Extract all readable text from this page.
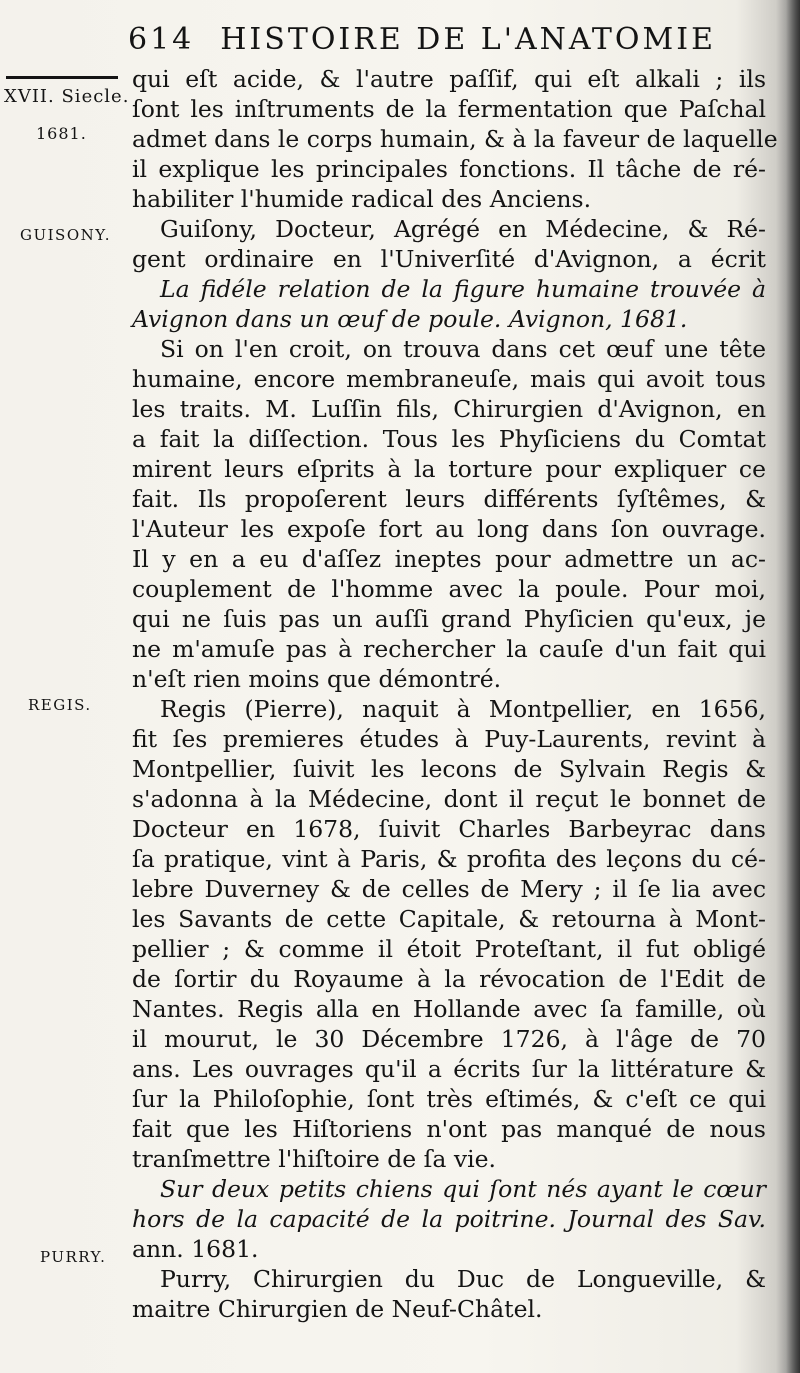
614 HISTOIRE DE L'ANATOMIE
XVII. Siecle.
1681.
GUISONY.
REGIS.
PURRY.
qui eſt acide, & l'autre paſſif, qui eſt alkali ; ils
ſont les inſtruments de la fermentation que Paſchal
admet dans le corps humain, & à la faveur de laquelle
il explique les principales fonctions. Il tâche de ré-
habiliter l'humide radical des Anciens.
Guiſony, Docteur, Agrégé en Médecine, & Ré-
gent ordinaire en l'Univerſité d'Avignon, a écrit
La fidéle relation de la figure humaine trouvée à
Avignon dans un œuf de poule. Avignon, 1681.
Si on l'en croit, on trouva dans cet œuf une tête
humaine, encore membraneuſe, mais qui avoit tous
les traits. M. Luſſin fils, Chirurgien d'Avignon, en
a fait la diſſection. Tous les Phyſiciens du Comtat
mirent leurs eſprits à la torture pour expliquer ce
fait. Ils propoſerent leurs différents ſyſtêmes, &
l'Auteur les expoſe fort au long dans ſon ouvrage.
Il y en a eu d'aſſez ineptes pour admettre un ac-
couplement de l'homme avec la poule. Pour moi,
qui ne ſuis pas un auſſi grand Phyſicien qu'eux, je
ne m'amuſe pas à rechercher la cauſe d'un fait qui
n'eſt rien moins que démontré.
Regis (Pierre), naquit à Montpellier, en 1656,
fit ſes premieres études à Puy-Laurents, revint à
Montpellier, ſuivit les lecons de Sylvain Regis &
s'adonna à la Médecine, dont il reçut le bonnet de
Docteur en 1678, ſuivit Charles Barbeyrac dans
ſa pratique, vint à Paris, & profita des leçons du cé-
lebre Duverney & de celles de Mery ; il ſe lia avec
les Savants de cette Capitale, & retourna à Mont-
pellier ; & comme il étoit Proteſtant, il fut obligé
de ſortir du Royaume à la révocation de l'Edit de
Nantes. Regis alla en Hollande avec ſa famille, où
il mourut, le 30 Décembre 1726, à l'âge de 70
ans. Les ouvrages qu'il a écrits ſur la littérature &
ſur la Philoſophie, ſont très eſtimés, & c'eſt ce qui
fait que les Hiſtoriens n'ont pas manqué de nous
tranſmettre l'hiſtoire de ſa vie.
Sur deux petits chiens qui ſont nés ayant le cœur
hors de la capacité de la poitrine. Journal des Sav.
ann. 1681.
Purry, Chirurgien du Duc de Longueville, &
maitre Chirurgien de Neuf-Châtel.
